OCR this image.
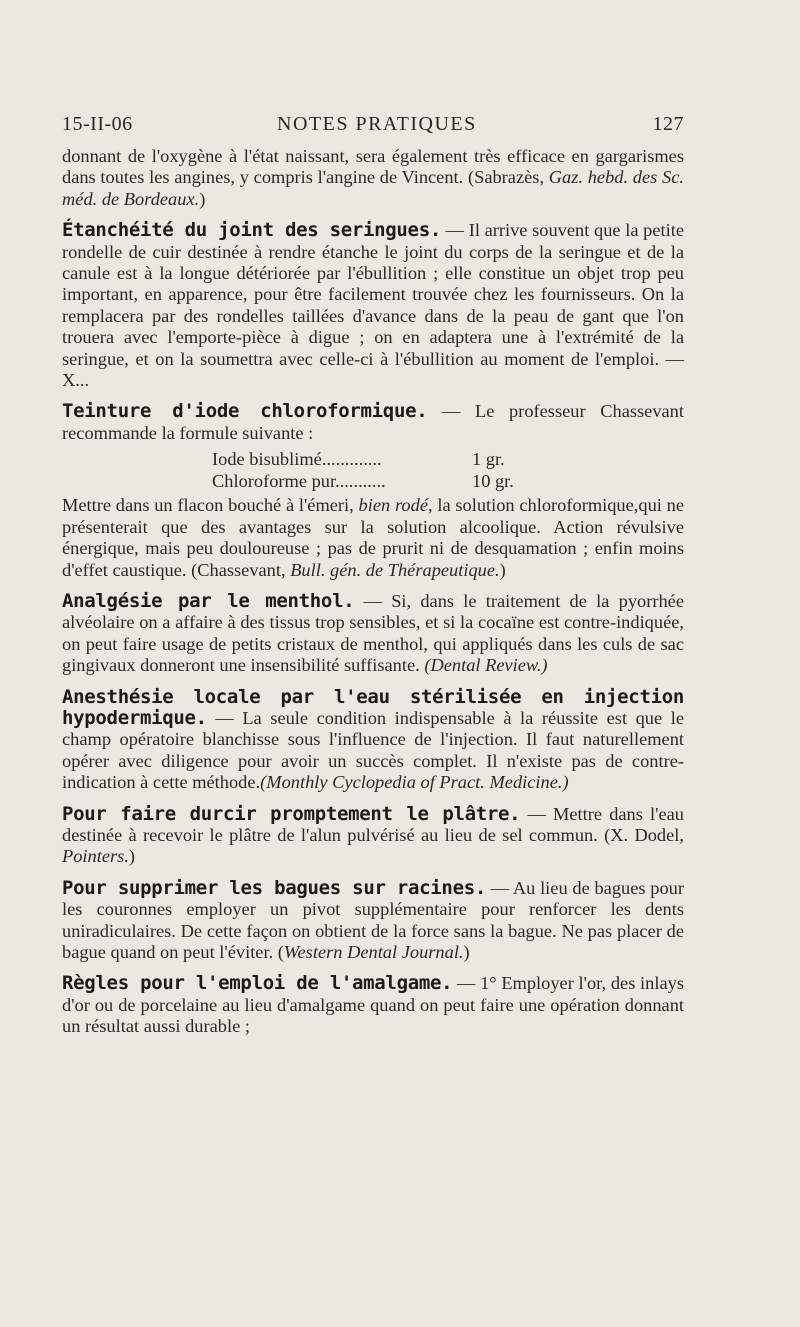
15-II-06	NOTES PRATIQUES	127

donnant de l'oxygène à l'état naissant, sera également très efficace en gargarismes dans toutes les angines, y compris l'angine de Vincent. (Sabrazès, Gaz. hebd. des Sc. méd. de Bordeaux.)

Étanchéité du joint des seringues. — Il arrive souvent que la petite rondelle de cuir destinée à rendre étanche le joint du corps de la seringue et de la canule est à la longue détériorée par l'ébullition ; elle constitue un objet trop peu important, en apparence, pour être facilement trouvée chez les fournisseurs. On la remplacera par des rondelles taillées d'avance dans de la peau de gant que l'on trouera avec l'emporte-pièce à digue ; on en adaptera une à l'extrémité de la seringue, et on la soumettra avec celle-ci à l'ébullition au moment de l'emploi. — X...

Teinture d'iode chloroformique. — Le professeur Chassevant recommande la formule suivante :

Iode bisublimé.............	1 gr.
Chloroforme pur...........	10 gr.

Mettre dans un flacon bouché à l'émeri, bien rodé, la solution chloroformique,qui ne présenterait que des avantages sur la solution alcoolique. Action révulsive énergique, mais peu douloureuse ; pas de prurit ni de desquamation ; enfin moins d'effet caustique. (Chassevant, Bull. gén. de Thérapeutique.)

Analgésie par le menthol. — Si, dans le traitement de la pyorrhée alvéolaire on a affaire à des tissus trop sensibles, et si la cocaïne est contre-indiquée, on peut faire usage de petits cristaux de menthol, qui appliqués dans les culs de sac gingivaux donneront une insensibilité suffisante. (Dental Review.)

Anesthésie locale par l'eau stérilisée en injection hypodermique. — La seule condition indispensable à la réussite est que le champ opératoire blanchisse sous l'influence de l'injection. Il faut naturellement opérer avec diligence pour avoir un succès complet. Il n'existe pas de contre-indication à cette méthode.(Monthly Cyclopedia of Pract. Medicine.)

Pour faire durcir promptement le plâtre. — Mettre dans l'eau destinée à recevoir le plâtre de l'alun pulvérisé au lieu de sel commun. (X. Dodel, Pointers.)

Pour supprimer les bagues sur racines. — Au lieu de bagues pour les couronnes employer un pivot supplémentaire pour renforcer les dents uniradiculaires. De cette façon on obtient de la force sans la bague. Ne pas placer de bague quand on peut l'éviter. (Western Dental Journal.)

Règles pour l'emploi de l'amalgame. — 1° Employer l'or, des inlays d'or ou de porcelaine au lieu d'amalgame quand on peut faire une opération donnant un résultat aussi durable ;
